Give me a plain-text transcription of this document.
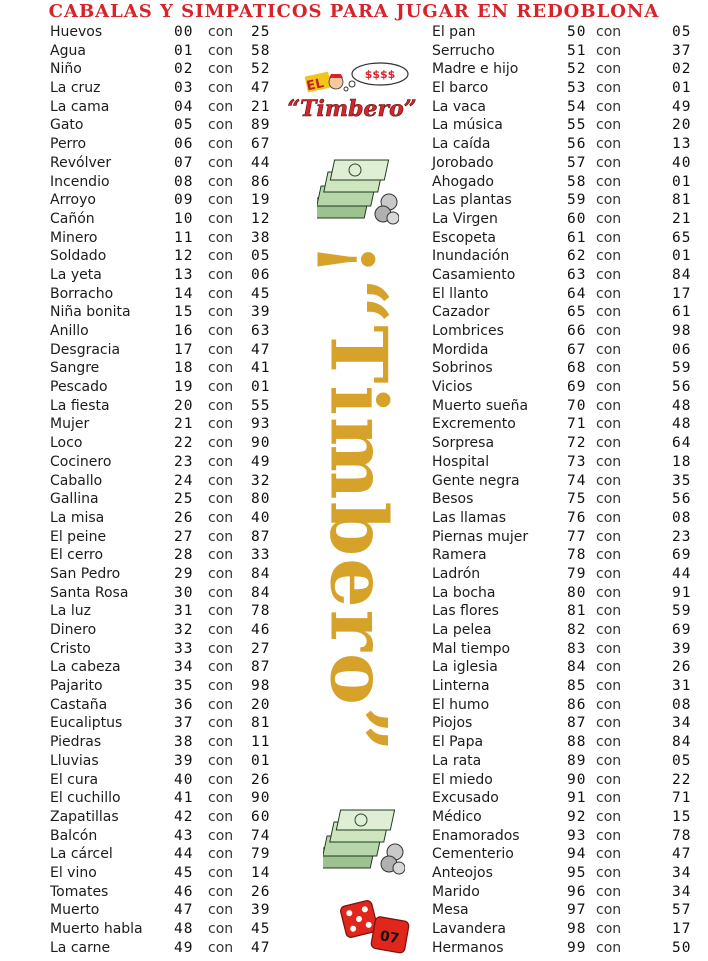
CABALAS Y SIMPATICOS PARA JUGAR EN REDOBLONA
Huevos	00 con 25
Agua	01 con 58
Niño	02 con 52
La cruz	03 con 47
La cama	04 con 21
Gato	05 con 89
Perro	06 con 67
Revólver	07 con 44
Incendio	08 con 86
Arroyo	09 con 19
Cañón	10 con 12
Minero	11 con 38
Soldado	12 con 05
La yeta	13 con 06
Borracho	14 con 45
Niña bonita	15 con 39
Anillo	16 con 63
Desgracia	17 con 47
Sangre	18 con 41
Pescado	19 con 01
La fiesta	20 con 55
Mujer	21 con 93
Loco	22 con 90
Cocinero	23 con 49
Caballo	24 con 32
Gallina	25 con 80
La misa	26 con 40
El peine	27 con 87
El cerro	28 con 33
San Pedro	29 con 84
Santa Rosa	30 con 84
La luz	31 con 78
Dinero	32 con 46
Cristo	33 con 27
La cabeza	34 con 87
Pajarito	35 con 98
Castaña	36 con 20
Eucaliptus	37 con 81
Piedras	38 con 11
Lluvias	39 con 01
El cura	40 con 26
El cuchillo	41 con 90
Zapatillas	42 con 60
Balcón	43 con 74
La cárcel	44 con 79
El vino	45 con 14
Tomates	46 con 26
Muerto	47 con 39
Muerto habla 48 con 45
La carne	49 con 47
El pan	50 con	05
Serrucho	51 con	37
Madre e hijo	52 con	02
El barco	53 con	01
La vaca	54 con	49
La música	55 con	20
La caída	56 con	13
Jorobado	57 con	40
Ahogado	58 con	01
Las plantas	59 con	81
La Virgen	60 con	21
Escopeta	61 con	65
Inundación	62 con	01
Casamiento	63 con	84
El llanto	64 con	17
Cazador	65 con	61
Lombrices	66 con	98
Mordida	67 con	06
Sobrinos	68 con	59
Vicios	69 con	56
Muerto sueña	70 con	48
Excremento	71 con	48
Sorpresa	72 con	64
Hospital	73 con	18
Gente negra	74 con	35
Besos	75 con	56
Las llamas	76 con	08
Piernas mujer	77 con	23
Ramera	78 con	69
Ladrón	79 con	44
La bocha	80 con	91
Las flores	81 con	59
La pelea	82 con	69
Mal tiempo	83 con	39
La iglesia	84 con	26
Linterna	85 con	31
El humo	86 con	08
Piojos	87 con	34
El Papa	88 con	84
La rata	89 con	05
El miedo	90 con	22
Excusado	91 con	71
Médico	92 con	15
Enamorados	93 con	78
Cementerio	94 con	47
Anteojos	95 con	34
Marido	96 con	34
Mesa	97 con	57
Lavandera	98 con	17
Hermanos	99 con	50
$$$$
EL
“Timbero”
¡“Timbero”
07
